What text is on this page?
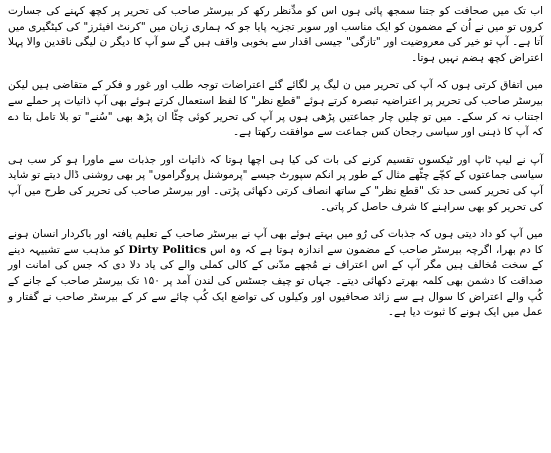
اب تک میں صحافت کو جتنا سمجھ پائی ہوں اس کو مدِّنظر رکھ کر بیرسٹر صاحب کی تحریر پر کچھ کہنے کی جسارت کروں تو میں نے اُن کے مضمون کو ایک مناسب اور سوبر تجزیہ پایا جو کہ ہماری زبان میں "کرنٹ افیئرز" کی کیٹگیری میں آتا ہے۔ آپ تو خیر کی معروضیت اور "تازگی" جیسی اقدار سے بخوبی واقف ہیں گے سو آپ کا دیگر ن لیگی ناقدین والا پہلا اعتراض کچھ ہضم نہیں ہوتا۔

میں اتفاق کرتی ہوں کہ آپ کی تحریر میں ن لیگ پر لگائے گئے اعتراضات توجہ طلب اور غور و فکر کے متقاضی ہیں لیکن بیرسٹر صاحب کی تحریر پر اعتراضیہ تبصرہ کرتے ہوئے "قطع نظر" کا لفظ استعمال کرتے ہوئے بھی آپ ذاتیات پر حملے سے اجتناب نہ کر سکے۔ میں تو چلیں چار جماعتیں پڑھی ہوں پر آپ کی تحریر کوئی چٹّا ان پڑھ بھی "سُنے" تو بلا تامل بتا دے کہ آپ کا ذہنی اور سیاسی رجحان کس جماعت سے موافقت رکھتا ہے۔

آپ نے لیپ ٹاپ اور ٹیکسوں تقسیم کرنے کی بات کی کیا ہی اچھا ہوتا کہ ذاتیات اور جذبات سے ماورا ہو کر سب ہی سیاسی جماعتوں کے کچّے چٹّھے مثال کے طور پر انکم سپورٹ جیسے "پرموشنل پروگراموں" پر بھی روشنی ڈال دیتے تو شاید آپ کی تحریر کسی حد تک "قطع نظر" کے ساتھ انصاف کرتی دکھائی پڑتی۔ اور بیرسٹر صاحب کی تحریر کی طرح میں آپ کی تحریر کو بھی سراہنے کا شرف حاصل کر پاتی۔

میں آپ کو داد دیتی ہوں کہ جذبات کی رُو میں بہتے ہوئے بھی آپ نے بیرسٹر صاحب کے تعلیم یافتہ اور باکردار انسان ہونے کا دم بھرا، اگرچہ بیرسٹر صاحب کے مضمون سے اندازہ ہوتا ہے کہ وہ اس Dirty Politics کو مذہب سے تشبیہہ دینے کے سخت مُخالف ہیں مگر آپ کے اس اعتراف نے مُجھے مدّنی کے کالی کملی والے کی یاد دلا دی کہ جس کی امانت اور صداقت کا دشمن بھی کلمہ بھرتے دکھائی دیتے۔ جہاں تو چیف جسٹس کی لندن آمد پر ۱۵۰ تک بیرسٹر صاحب کے جانے کے کُپ والے اعتراض کا سوال ہے سے زائد صحافیوں اور وکیلوں کی تواضع ایک کُپ چائے سے کر کے بیرسٹر صاحب نے گفتار و عمل میں ایک ہونے کا ثبوت دیا ہے۔
